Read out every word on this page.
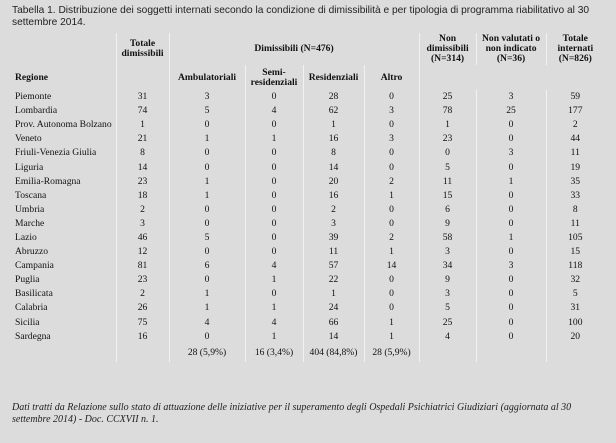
Tabella 1. Distribuzione dei soggetti internati secondo la condizione di dimissibilità e per tipologia di programma riabilitativo al 30 settembre 2014.
	Totale dimissibili	Dimissibili (N=476)				Non dimissibili (N=314)	Non valutati o non indicato (N=36)	Totale internati (N=826)
Regione		Ambulatoriali	Semi-residenziali	Residenziali	Altro			
Piemonte	31	3	0	28	0	25	3	59
Lombardia	74	5	4	62	3	78	25	177
Prov. Autonoma Bolzano	1	0	0	1	0	1	0	2
Veneto	21	1	1	16	3	23	0	44
Friuli-Venezia Giulia	8	0	0	8	0	0	3	11
Liguria	14	0	0	14	0	5	0	19
Emilia-Romagna	23	1	0	20	2	11	1	35
Toscana	18	1	0	16	1	15	0	33
Umbria	2	0	0	2	0	6	0	8
Marche	3	0	0	3	0	9	0	11
Lazio	46	5	0	39	2	58	1	105
Abruzzo	12	0	0	11	1	3	0	15
Campania	81	6	4	57	14	34	3	118
Puglia	23	0	1	22	0	9	0	32
Basilicata	2	1	0	1	0	3	0	5
Calabria	26	1	1	24	0	5	0	31
Sicilia	75	4	4	66	1	25	0	100
Sardegna	16	0	1	14	1	4	0	20
		28 (5,9%)	16 (3,4%)	404 (84,8%)	28 (5,9%)			
Dati tratti da Relazione sullo stato di attuazione delle iniziative per il superamento degli Ospedali Psichiatrici Giudiziari (aggiornata al 30 settembre 2014) - Doc. CCXVII n. 1.
